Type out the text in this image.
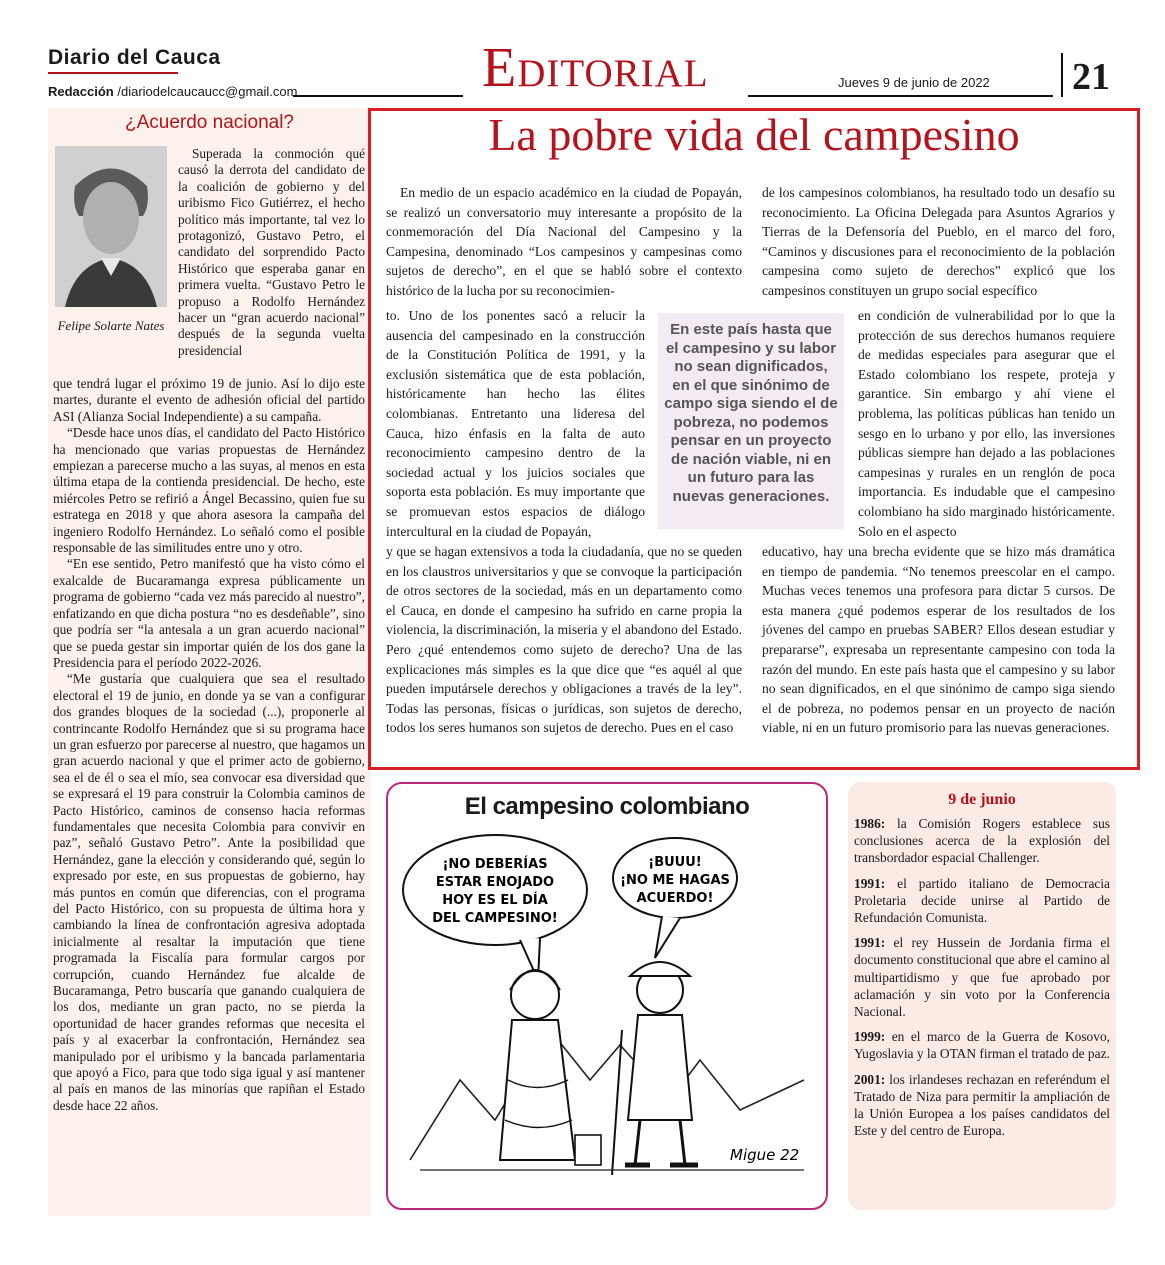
Diario del Cauca
Redacción /diariodelcaucaucc@gmail.com	Editorial	Jueves 9 de junio de 2022 21
¿Acuerdo nacional?
Felipe Solarte Nates

Superada la conmoción qué causó la derrota del candidato de la coalición de gobierno y del uribismo Fico Gutiérrez, el hecho político más importante, tal vez lo protagonizó, Gustavo Petro, el candidato del sorprendido Pacto Histórico que esperaba ganar en primera vuelta. “Gustavo Petro le propuso a Rodolfo Hernández hacer un “gran acuerdo nacional” después de la segunda vuelta presidencial

que tendrá lugar el próximo 19 de junio. Así lo dijo este martes, durante el evento de adhesión oficial del partido ASI (Alianza Social Independiente) a su campaña.

“Desde hace unos días, el candidato del Pacto Histórico ha mencionado que varias propuestas de Hernández empiezan a parecerse mucho a las suyas, al menos en esta última etapa de la contienda presidencial. De hecho, este miércoles Petro se refirió a Ángel Becassino, quien fue su estratega en 2018 y que ahora asesora la campaña del ingeniero Rodolfo Hernández. Lo señaló como el posible responsable de las similitudes entre uno y otro.

“En ese sentido, Petro manifestó que ha visto cómo el exalcalde de Bucaramanga expresa públicamente un programa de gobierno “cada vez más parecido al nuestro”, enfatizando en que dicha postura “no es desdeñable”, sino que podría ser “la antesala a un gran acuerdo nacional” que se pueda gestar sin importar quién de los dos gane la Presidencia para el período 2022-2026.

“Me gustaría que cualquiera que sea el resultado electoral el 19 de junio, en donde ya se van a configurar dos grandes bloques de la sociedad (...), proponerle al contrincante Rodolfo Hernández que si su programa hace un gran esfuerzo por parecerse al nuestro, que hagamos un gran acuerdo nacional y que el primer acto de gobierno, sea el de él o sea el mío, sea convocar esa diversidad que se expresará el 19 para construir la Colombia caminos de Pacto Histórico, caminos de consenso hacia reformas fundamentales que necesita Colombia para convivir en paz”, señaló Gustavo Petro”. Ante la posibilidad que Hernández, gane la elección y considerando qué, según lo expresado por este, en sus propuestas de gobierno, hay más puntos en común que diferencias, con el programa del Pacto Histórico, con su propuesta de última hora y cambiando la línea de confrontación agresiva adoptada inicialmente al resaltar la imputación que tiene programada la Fiscalía para formular cargos por corrupción, cuando Hernández fue alcalde de Bucaramanga, Petro buscaría que ganando cualquiera de los dos, mediante un gran pacto, no se pierda la oportunidad de hacer grandes reformas que necesita el país y al exacerbar la confrontación, Hernández sea manipulado por el uribismo y la bancada parlamentaria que apoyó a Fico, para que todo siga igual y así mantener al país en manos de las minorías que rapiñan el Estado desde hace 22 años.

La pobre vida del campesino

En medio de un espacio académico en la ciudad de Popayán, se realizó un conversatorio muy interesante a propósito de la conmemoración del Día Nacional del Campesino y la Campesina, denominado “Los campesinos y campesinas como sujetos de derecho”, en el que se habló sobre el contexto histórico de la lucha por su reconocimien-

to. Uno de los ponentes sacó a relucir la ausencia del campesinado en la construcción de la Constitución Política de 1991, y la exclusión sistemática que de esta población, históricamente han hecho las élites colombianas. Entretanto una lideresa del Cauca, hizo énfasis en la falta de auto reconocimiento campesino dentro de la sociedad actual y los juicios sociales que soporta esta población. Es muy importante que se promuevan estos espacios de diálogo intercultural en la ciudad de Popayán,

y que se hagan extensivos a toda la ciudadanía, que no se queden en los claustros universitarios y que se convoque la participación de otros sectores de la sociedad, más en un departamento como el Cauca, en donde el campesino ha sufrido en carne propia la violencia, la discriminación, la miseria y el abandono del Estado. Pero ¿qué entendemos como sujeto de derecho? Una de las explicaciones más simples es la que dice que “es aquél al que pueden imputársele derechos y obligaciones a través de la ley”. Todas las personas, físicas o jurídicas, son sujetos de derecho, todos los seres humanos son sujetos de derecho. Pues en el caso

de los campesinos colombianos, ha resultado todo un desafío su reconocimiento. La Oficina Delegada para Asuntos Agrarios y Tierras de la Defensoría del Pueblo, en el marco del foro, “Caminos y discusiones para el reconocimiento de la población campesina como sujeto de derechos” explicó que los campesinos constituyen un grupo social específico

en condición de vulnerabilidad por lo que la protección de sus derechos humanos requiere de medidas especiales para asegurar que el Estado colombiano los respete, proteja y garantice. Sin embargo y ahí viene el problema, las políticas públicas han tenido un sesgo en lo urbano y por ello, las inversiones públicas siempre han dejado a las poblaciones campesinas y rurales en un renglón de poca importancia. Es indudable que el campesino colombiano ha sido marginado históricamente. Solo en el aspecto

educativo, hay una brecha evidente que se hizo más dramática en tiempo de pandemia. “No tenemos preescolar en el campo. Muchas veces tenemos una profesora para dictar 5 cursos. De esta manera ¿qué podemos esperar de los resultados de los jóvenes del campo en pruebas SABER? Ellos desean estudiar y prepararse”, expresaba un representante campesino con toda la razón del mundo. En este país hasta que el campesino y su labor no sean dignificados, en el que sinónimo de campo siga siendo el de pobreza, no podemos pensar en un proyecto de nación viable, ni en un futuro promisorio para las nuevas generaciones.

En este país hasta que el campesino y su labor no sean dignificados, en el que sinónimo de campo siga siendo el de pobreza, no podemos pensar en un proyecto de nación viable, ni en un futuro para las nuevas generaciones.
El campesino colombiano
¡NO DEBERÍAS
ESTAR ENOJADO
HOY ES EL DÍA
DEL CAMPESINO!
¡BUUU!
¡NO ME HAGAS
ACUERDO!
Migue 22
9 de junio

1986: la Comisión Rogers establece sus conclusiones acerca de la explosión del transbordador espacial Challenger.

1991: el partido italiano de Democracia Proletaria decide unirse al Partido de Refundación Comunista.

1991: el rey Hussein de Jordania firma el documento constitucional que abre el camino al multipartidismo y que fue aprobado por aclamación y sin voto por la Conferencia Nacional.

1999: en el marco de la Guerra de Kosovo, Yugoslavia y la OTAN firman el tratado de paz.

2001: los irlandeses rechazan en referéndum el Tratado de Niza para permitir la ampliación de la Unión Europea a los países candidatos del Este y del centro de Europa.
